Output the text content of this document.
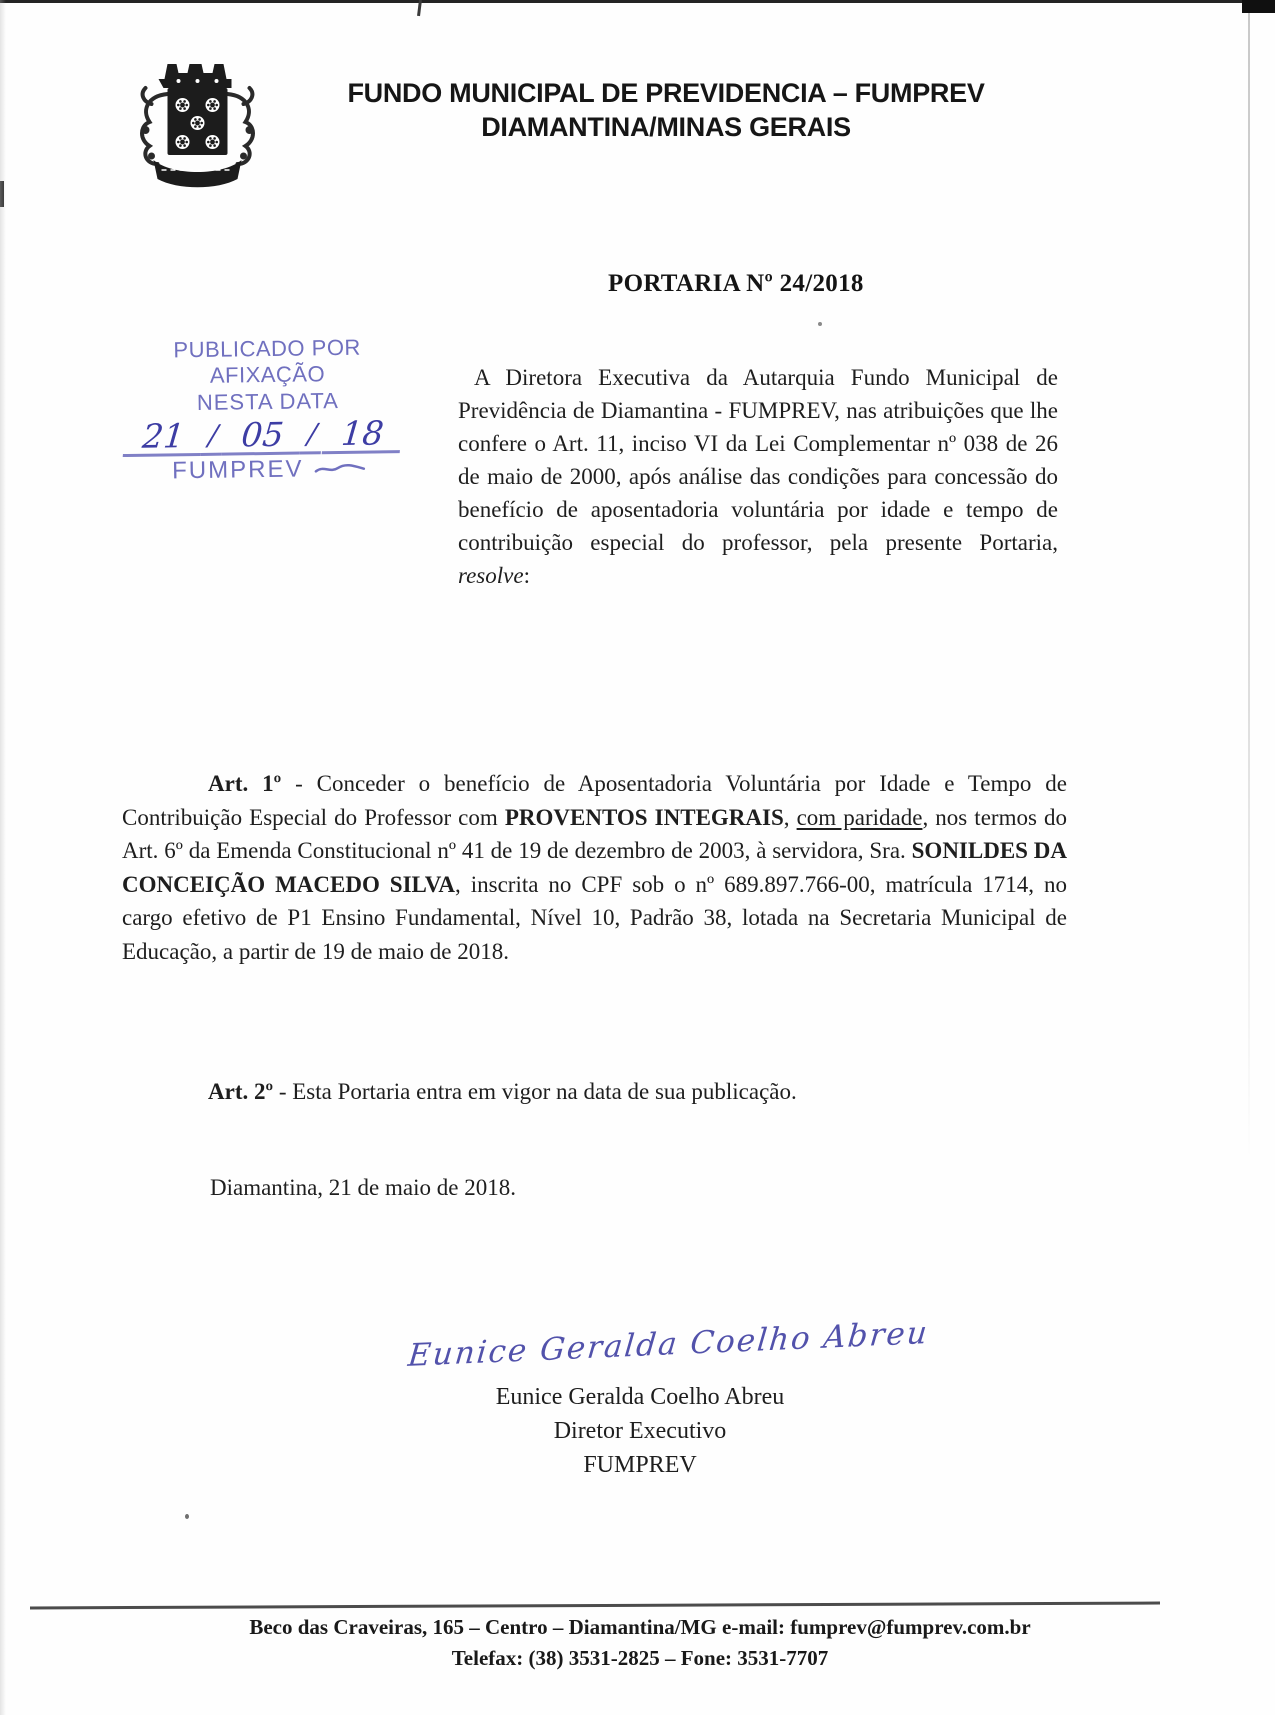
FUNDO MUNICIPAL DE PREVIDENCIA – FUMPREV
DIAMANTINA/MINAS GERAIS
PORTARIA Nº 24/2018
PUBLICADO POR AFIXAÇÃO
NESTA DATA
21 / 05 / 18
FUMPREV

A Diretora Executiva da Autarquia Fundo Municipal de Previdência de Diamantina - FUMPREV, nas atribuições que lhe confere o Art. 11, inciso VI da Lei Complementar nº 038 de 26 de maio de 2000, após análise das condições para concessão do benefício de aposentadoria voluntária por idade e tempo de contribuição especial do professor, pela presente Portaria, resolve:

Art. 1º - Conceder o benefício de Aposentadoria Voluntária por Idade e Tempo de Contribuição Especial do Professor com PROVENTOS INTEGRAIS, com paridade, nos termos do Art. 6º da Emenda Constitucional nº 41 de 19 de dezembro de 2003, à servidora, Sra. SONILDES DA CONCEIÇÃO MACEDO SILVA, inscrita no CPF sob o nº 689.897.766-00, matrícula 1714, no cargo efetivo de P1 Ensino Fundamental, Nível 10, Padrão 38, lotada na Secretaria Municipal de Educação, a partir de 19 de maio de 2018.

Art. 2º - Esta Portaria entra em vigor na data de sua publicação.

Diamantina, 21 de maio de 2018.

Eunice Geralda Coelho Abreu
Eunice Geralda Coelho Abreu
Diretor Executivo
FUMPREV
Beco das Craveiras, 165 – Centro – Diamantina/MG e-mail: fumprev@fumprev.com.br
Telefax: (38) 3531-2825 – Fone: 3531-7707
